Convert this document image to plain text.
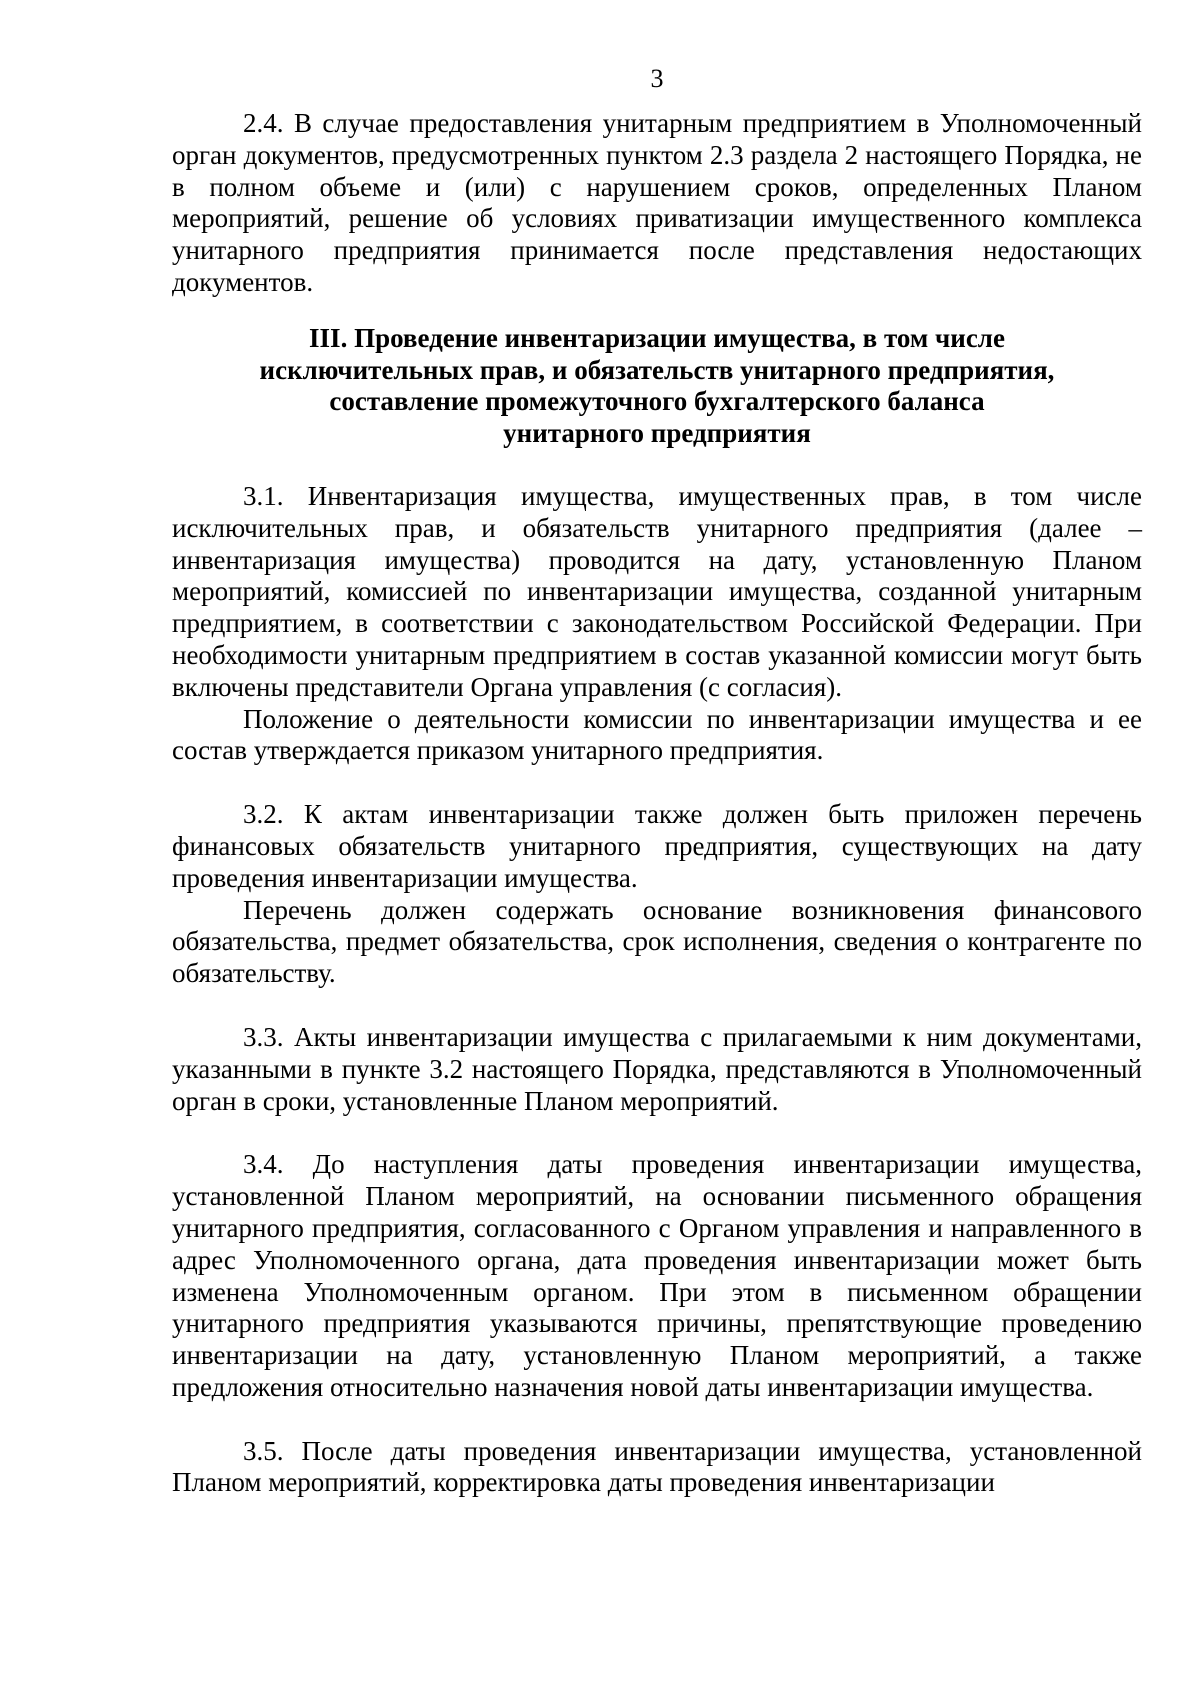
3

2.4. В случае предоставления унитарным предприятием в Уполномоченный орган документов, предусмотренных пунктом 2.3 раздела 2 настоящего Порядка, не в полном объеме и (или) с нарушением сроков, определенных Планом мероприятий, решение об условиях приватизации имущественного комплекса унитарного предприятия принимается после представления недостающих документов.

III. Проведение инвентаризации имущества, в том числе
исключительных прав, и обязательств унитарного предприятия,
составление промежуточного бухгалтерского баланса
унитарного предприятия

3.1. Инвентаризация имущества, имущественных прав, в том числе исключительных прав, и обязательств унитарного предприятия (далее – инвентаризация имущества) проводится на дату, установленную Планом мероприятий, комиссией по инвентаризации имущества, созданной унитарным предприятием, в соответствии с законодательством Российской Федерации. При необходимости унитарным предприятием в состав указанной комиссии могут быть включены представители Органа управления (с согласия).

Положение о деятельности комиссии по инвентаризации имущества и ее состав утверждается приказом унитарного предприятия.

3.2. К актам инвентаризации также должен быть приложен перечень финансовых обязательств унитарного предприятия, существующих на дату проведения инвентаризации имущества.

Перечень должен содержать основание возникновения финансового обязательства, предмет обязательства, срок исполнения, сведения о контрагенте по обязательству.

3.3. Акты инвентаризации имущества с прилагаемыми к ним документами, указанными в пункте 3.2 настоящего Порядка, представляются в Уполномоченный орган в сроки, установленные Планом мероприятий.

3.4. До наступления даты проведения инвентаризации имущества, установленной Планом мероприятий, на основании письменного обращения унитарного предприятия, согласованного с Органом управления и направленного в адрес Уполномоченного органа, дата проведения инвентаризации может быть изменена Уполномоченным органом. При этом в письменном обращении унитарного предприятия указываются причины, препятствующие проведению инвентаризации на дату, установленную Планом мероприятий, а также предложения относительно назначения новой даты инвентаризации имущества.

3.5. После даты проведения инвентаризации имущества, установленной Планом мероприятий, корректировка даты проведения инвентаризации
